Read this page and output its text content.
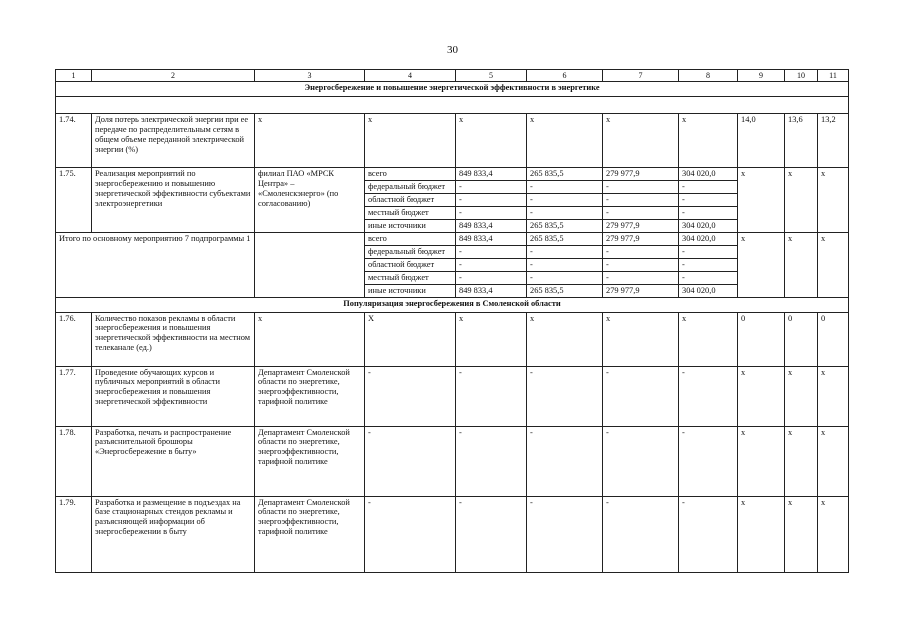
30
1	2	3	4	5	6	7	8	9	10	11
Энергосбережение и повышение энергетической эффективности в энергетике										

1.74.	Доля потерь электрической энергии при ее передаче по распределительным сетям в общем объеме переданной электрической энергии (%)	x	x	x	x	x	x	14,0	13,6	13,2
1.75.	Реализация мероприятий по энергосбережению и повышению энергетической эффективности субъектами электроэнергетики	филиал ПАО «МРСК Центра» – «Смоленскэнерго» (по согласованию)	всего	849 833,4	265 835,5	279 977,9	304 020,0	x	x	x
			федеральный бюджет	-	-	-	-			
			областной бюджет	-	-	-	-			
			местный бюджет	-	-	-	-			
			иные источники	849 833,4	265 835,5	279 977,9	304 020,0			
Итого по основному мероприятию 7 подпрограммы 1			всего	849 833,4	265 835,5	279 977,9	304 020,0	x	x	x
			федеральный бюджет	-	-	-	-			
			областной бюджет	-	-	-	-			
			местный бюджет	-	-	-	-			
			иные источники	849 833,4	265 835,5	279 977,9	304 020,0			
Популяризация энергосбережения в Смоленской области										
1.76.	Количество показов рекламы в области энергосбережения и повышения энергетической эффективности на местном телеканале (ед.)	x	X	x	x	x	x	0	0	0
1.77.	Проведение обучающих курсов и публичных мероприятий в области энергосбережения и повышения энергетической эффективности	Департамент Смоленской области по энергетике, энергоэффективности, тарифной политике	-	-	-	-	-	x	x	x
1.78.	Разработка, печать и распространение разъяснительной брошюры «Энергосбережение в быту»	Департамент Смоленской области по энергетике, энергоэффективности, тарифной политике	-	-	-	-	-	x	x	x
1.79.	Разработка и размещение в подъездах на базе стационарных стендов рекламы и разъясняющей информации об энергосбережении в быту	Департамент Смоленской области по энергетике, энергоэффективности, тарифной политике	-	-	-	-	-	x	x	x
